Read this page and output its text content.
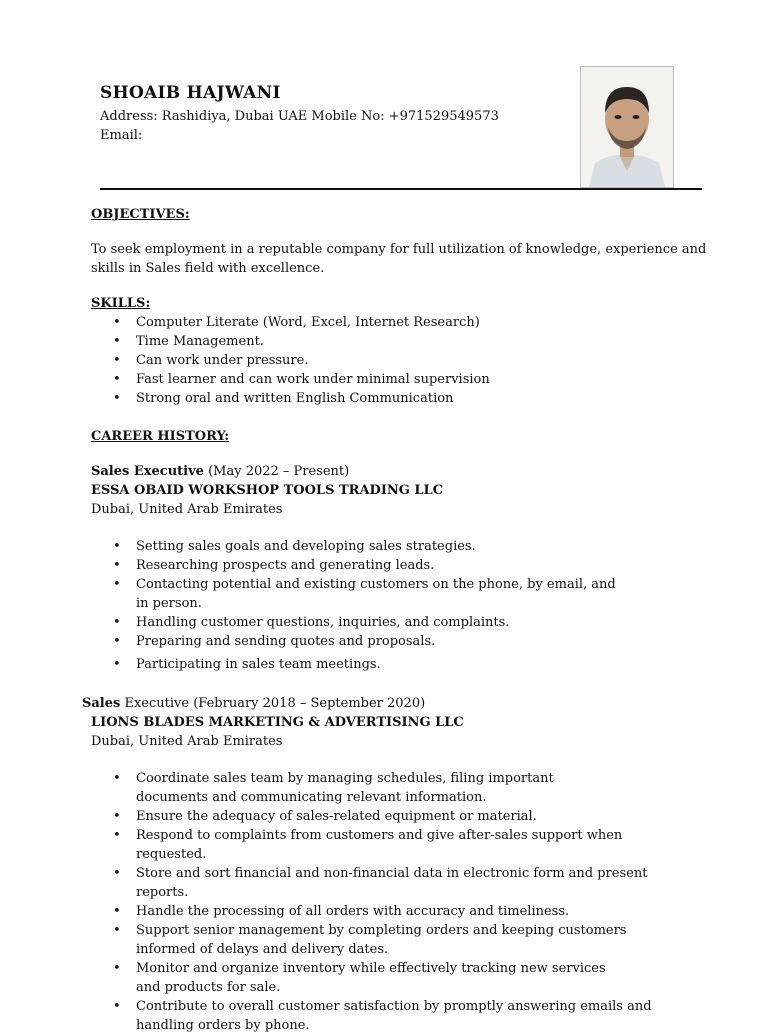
SHOAIB HAJWANI
Address: Rashidiya, Dubai UAE Mobile No: +971529549573
Email:
OBJECTIVES:
To seek employment in a reputable company for full utilization of knowledge, experience and skills in Sales field with excellence.
SKILLS:
• Computer Literate (Word, Excel, Internet Research)
• Time Management.
• Can work under pressure.
• Fast learner and can work under minimal supervision
• Strong oral and written English Communication
CAREER HISTORY:
Sales Executive (May 2022 – Present)
ESSA OBAID WORKSHOP TOOLS TRADING LLC
Dubai, United Arab Emirates
• Setting sales goals and developing sales strategies.
• Researching prospects and generating leads.
• Contacting potential and existing customers on the phone, by email, and in person.
• Handling customer questions, inquiries, and complaints.
• Preparing and sending quotes and proposals.
• Participating in sales team meetings.
Sales Executive (February 2018 – September 2020)
LIONS BLADES MARKETING & ADVERTISING LLC
Dubai, United Arab Emirates
• Coordinate sales team by managing schedules, filing important documents and communicating relevant information.
• Ensure the adequacy of sales-related equipment or material.
• Respond to complaints from customers and give after-sales support when requested.
• Store and sort financial and non-financial data in electronic form and present reports.
• Handle the processing of all orders with accuracy and timeliness.
• Support senior management by completing orders and keeping customers informed of delays and delivery dates.
• Monitor and organize inventory while effectively tracking new services and products for sale.
• Contribute to overall customer satisfaction by promptly answering emails and handling orders by phone.
